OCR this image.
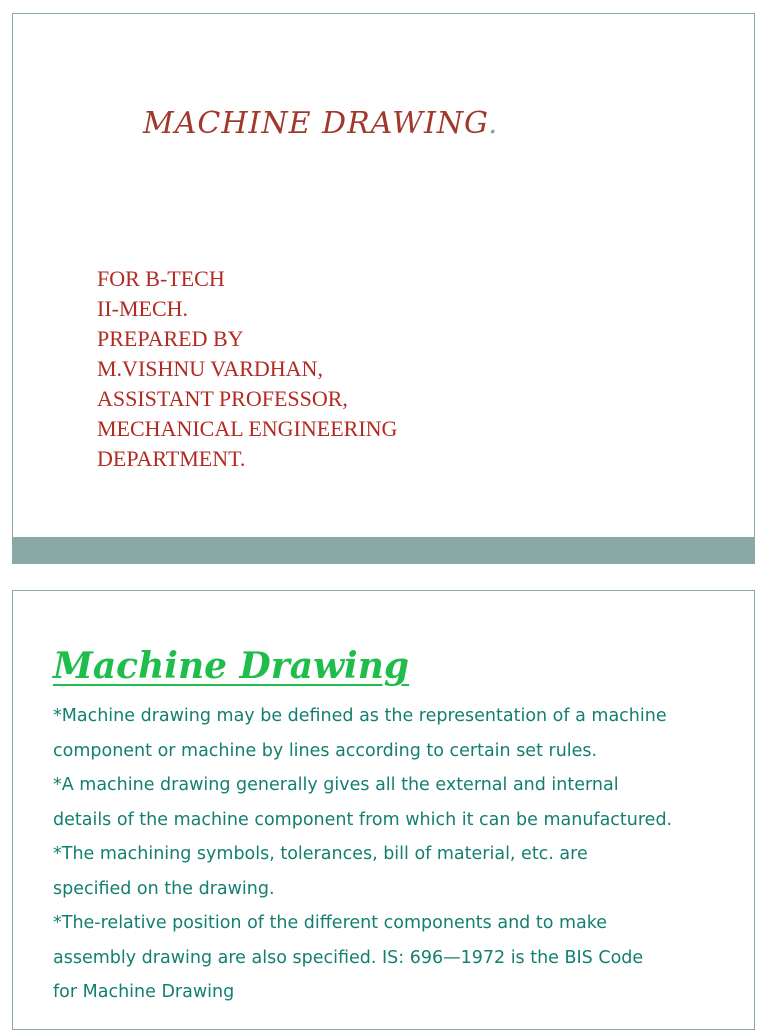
MACHINE DRAWING.
FOR B-TECH
II-MECH.
PREPARED BY
M.VISHNU VARDHAN,
ASSISTANT PROFESSOR,
MECHANICAL ENGINEERING
DEPARTMENT.
Machine Drawing

*Machine drawing may be defined as the representation of a machine

component or machine by lines according to certain set rules.

*A machine drawing generally gives all the external and internal

details of the machine component from which it can be manufactured.

*The machining symbols, tolerances, bill of material, etc. are

specified on the drawing.

*The-relative position of the different components and to make

assembly drawing are also specified. IS: 696—1972 is the BIS Code

for Machine Drawing
